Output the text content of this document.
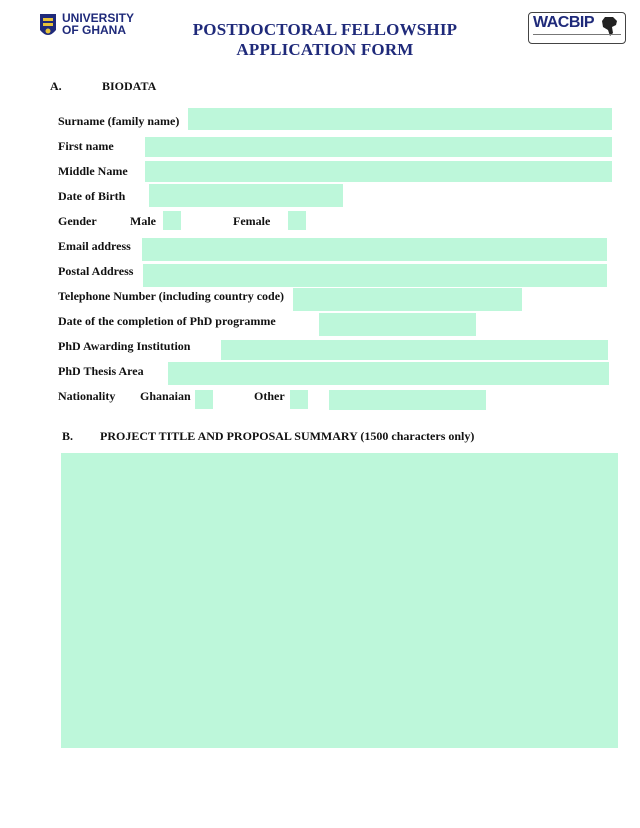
UNIVERSITY
OF GHANA	POSTDOCTORAL FELLOWSHIP APPLICATION FORM
WACBIP
A.	BIODATA
Surname (family name)
First name
Middle Name
Date of Birth
Gender	Male	Female
Email address
Postal Address
Telephone Number (including country code)
Date of the completion of PhD programme
PhD Awarding Institution
PhD Thesis Area
Nationality Ghanaian	Other
B. PROJECT TITLE AND PROPOSAL SUMMARY (1500 characters only)
